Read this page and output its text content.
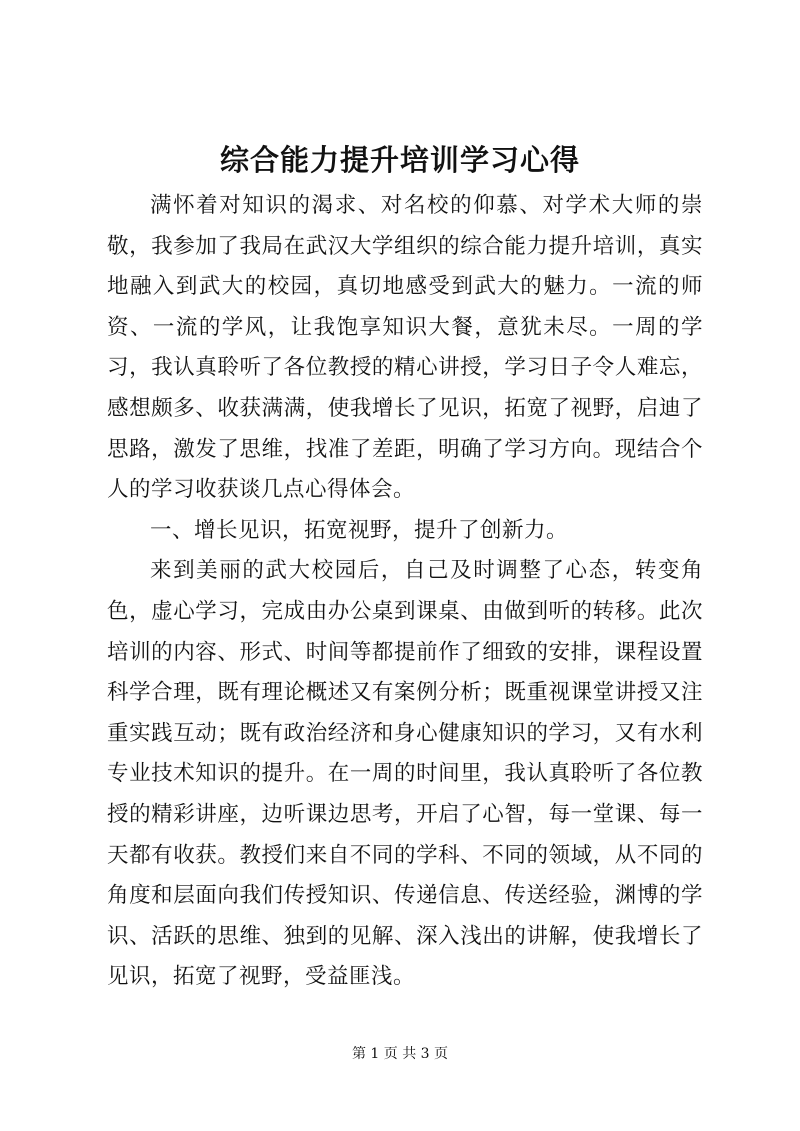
综合能力提升培训学习心得

满怀着对知识的渴求、对名校的仰慕、对学术大师的崇敬，我参加了我局在武汉大学组织的综合能力提升培训，真实地融入到武大的校园，真切地感受到武大的魅力。一流的师资、一流的学风，让我饱享知识大餐，意犹未尽。一周的学习，我认真聆听了各位教授的精心讲授，学习日子令人难忘，感想颇多、收获满满，使我增长了见识，拓宽了视野，启迪了思路，激发了思维，找准了差距，明确了学习方向。现结合个人的学习收获谈几点心得体会。

一、增长见识，拓宽视野，提升了创新力。

来到美丽的武大校园后，自己及时调整了心态，转变角色，虚心学习，完成由办公桌到课桌、由做到听的转移。此次培训的内容、形式、时间等都提前作了细致的安排，课程设置科学合理，既有理论概述又有案例分析；既重视课堂讲授又注重实践互动；既有政治经济和身心健康知识的学习，又有水利专业技术知识的提升。在一周的时间里，我认真聆听了各位教授的精彩讲座，边听课边思考，开启了心智，每一堂课、每一天都有收获。教授们来自不同的学科、不同的领域，从不同的角度和层面向我们传授知识、传递信息、传送经验，渊博的学识、活跃的思维、独到的见解、深入浅出的讲解，使我增长了见识，拓宽了视野，受益匪浅。

第 1 页 共 3 页
